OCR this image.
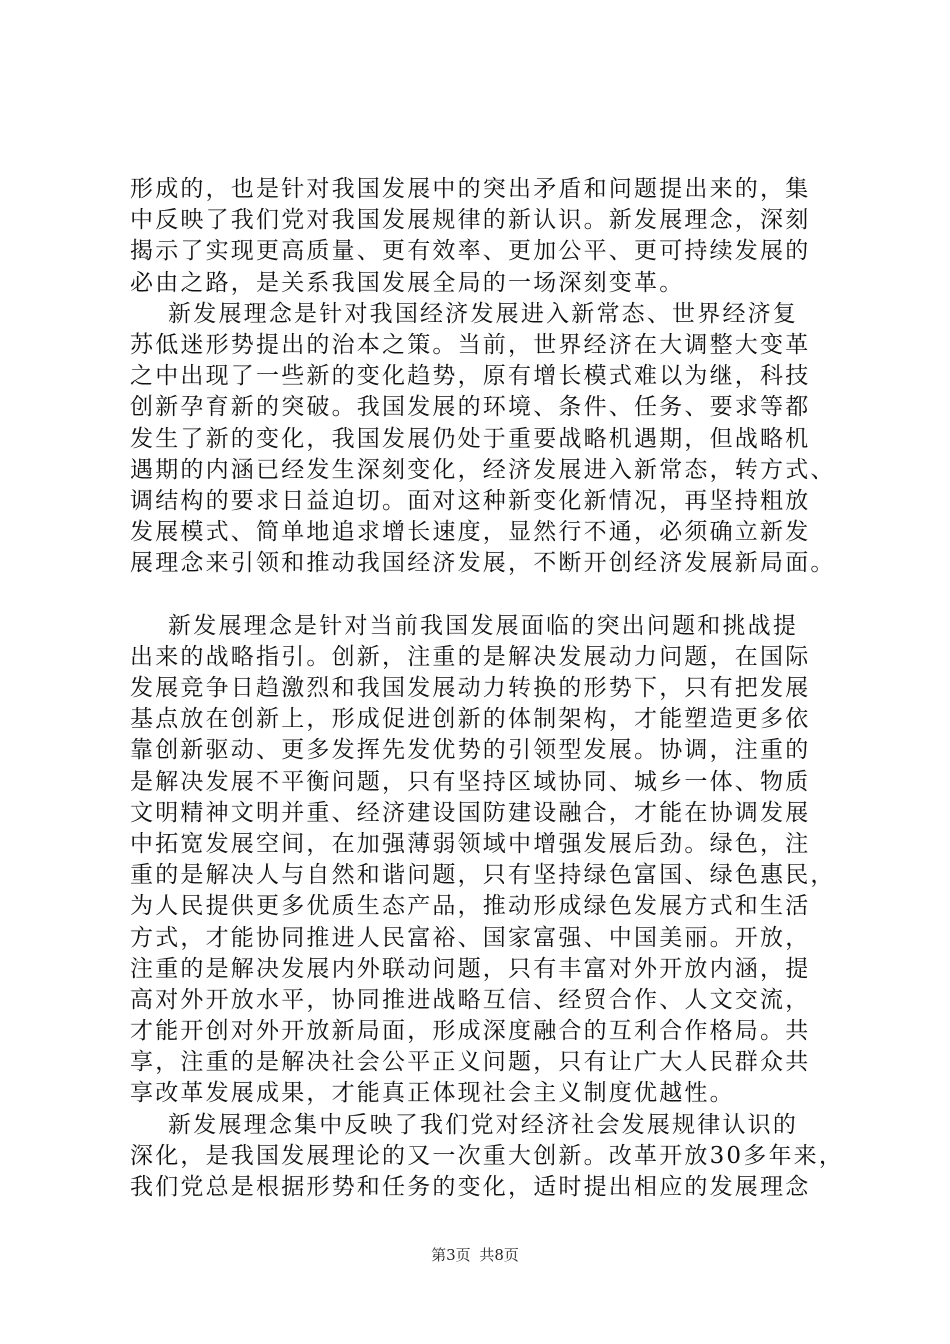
形成的，也是针对我国发展中的突出矛盾和问题提出来的，集
中反映了我们党对我国发展规律的新认识。新发展理念，深刻
揭示了实现更高质量、更有效率、更加公平、更可持续发展的
必由之路，是关系我国发展全局的一场深刻变革。
新发展理念是针对我国经济发展进入新常态、世界经济复
苏低迷形势提出的治本之策。当前，世界经济在大调整大变革
之中出现了一些新的变化趋势，原有增长模式难以为继，科技
创新孕育新的突破。我国发展的环境、条件、任务、要求等都
发生了新的变化，我国发展仍处于重要战略机遇期，但战略机
遇期的内涵已经发生深刻变化，经济发展进入新常态，转方式、
调结构的要求日益迫切。面对这种新变化新情况，再坚持粗放
发展模式、简单地追求增长速度，显然行不通，必须确立新发
展理念来引领和推动我国经济发展，不断开创经济发展新局面。
新发展理念是针对当前我国发展面临的突出问题和挑战提
出来的战略指引。创新，注重的是解决发展动力问题，在国际
发展竞争日趋激烈和我国发展动力转换的形势下，只有把发展
基点放在创新上，形成促进创新的体制架构，才能塑造更多依
靠创新驱动、更多发挥先发优势的引领型发展。协调，注重的
是解决发展不平衡问题，只有坚持区域协同、城乡一体、物质
文明精神文明并重、经济建设国防建设融合，才能在协调发展
中拓宽发展空间，在加强薄弱领域中增强发展后劲。绿色，注
重的是解决人与自然和谐问题，只有坚持绿色富国、绿色惠民，
为人民提供更多优质生态产品，推动形成绿色发展方式和生活
方式，才能协同推进人民富裕、国家富强、中国美丽。开放，
注重的是解决发展内外联动问题，只有丰富对外开放内涵，提
高对外开放水平，协同推进战略互信、经贸合作、人文交流，
才能开创对外开放新局面，形成深度融合的互利合作格局。共
享，注重的是解决社会公平正义问题，只有让广大人民群众共
享改革发展成果，才能真正体现社会主义制度优越性。
新发展理念集中反映了我们党对经济社会发展规律认识的
深化，是我国发展理论的又一次重大创新。改革开放30多年来，
我们党总是根据形势和任务的变化，适时提出相应的发展理念
第3页 共8页
